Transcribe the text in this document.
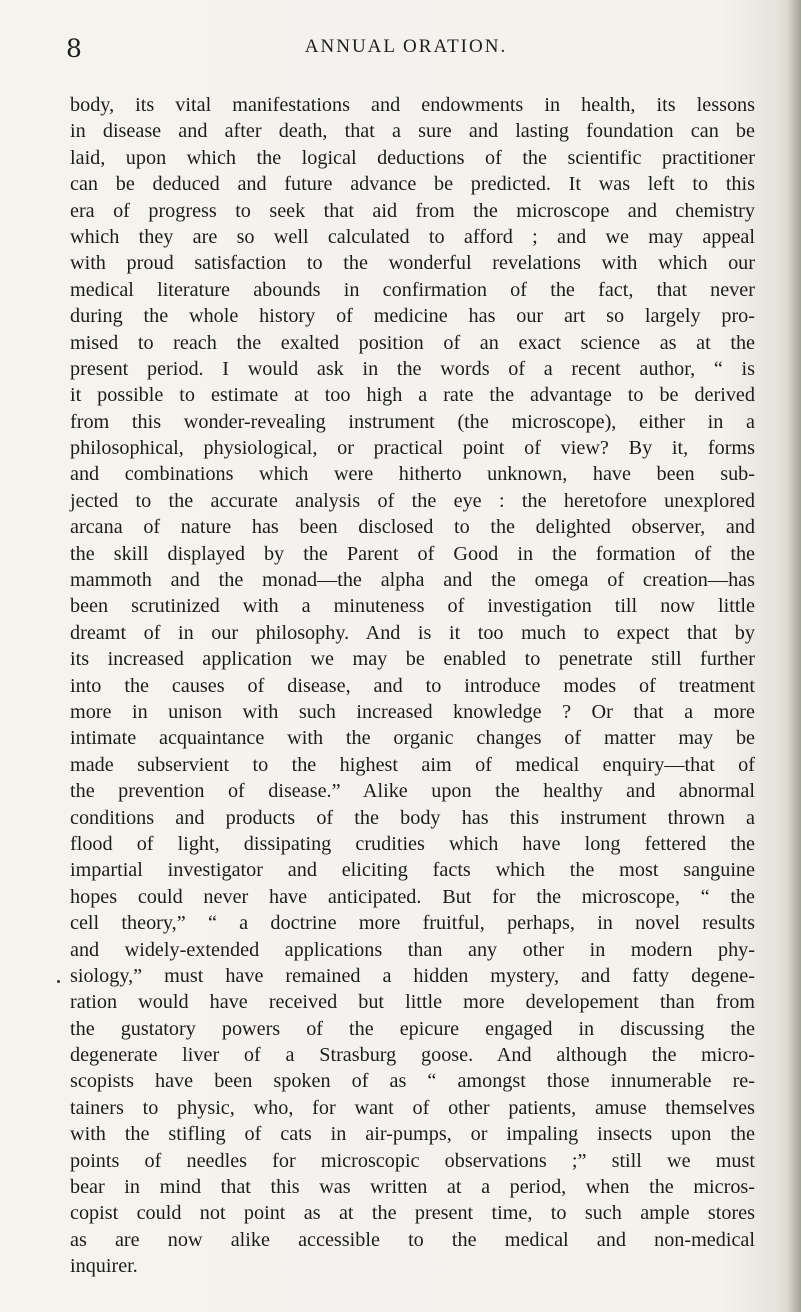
8	ANNUAL ORATION.
body, its vital manifestations and endowments in health, its lessons
in disease and after death, that a sure and lasting foundation can be
laid, upon which the logical deductions of the scientific practitioner
can be deduced and future advance be predicted. It was left to this
era of progress to seek that aid from the microscope and chemistry
which they are so well calculated to afford ; and we may appeal
with proud satisfaction to the wonderful revelations with which our
medical literature abounds in confirmation of the fact, that never
during the whole history of medicine has our art so largely pro-
mised to reach the exalted position of an exact science as at the
present period. I would ask in the words of a recent author, “ is
it possible to estimate at too high a rate the advantage to be derived
from this wonder-revealing instrument (the microscope), either in a
philosophical, physiological, or practical point of view? By it, forms
and combinations which were hitherto unknown, have been sub-
jected to the accurate analysis of the eye : the heretofore unexplored
arcana of nature has been disclosed to the delighted observer, and
the skill displayed by the Parent of Good in the formation of the
mammoth and the monad—the alpha and the omega of creation—has
been scrutinized with a minuteness of investigation till now little
dreamt of in our philosophy. And is it too much to expect that by
its increased application we may be enabled to penetrate still further
into the causes of disease, and to introduce modes of treatment
more in unison with such increased knowledge ? Or that a more
intimate acquaintance with the organic changes of matter may be
made subservient to the highest aim of medical enquiry—that of
the prevention of disease.” Alike upon the healthy and abnormal
conditions and products of the body has this instrument thrown a
flood of light, dissipating crudities which have long fettered the
impartial investigator and eliciting facts which the most sanguine
hopes could never have anticipated. But for the microscope, “ the
cell theory,” “ a doctrine more fruitful, perhaps, in novel results
and widely-extended applications than any other in modern phy-
siology,” must have remained a hidden mystery, and fatty degene-
ration would have received but little more developement than from
the gustatory powers of the epicure engaged in discussing the
degenerate liver of a Strasburg goose. And although the micro-
scopists have been spoken of as “ amongst those innumerable re-
tainers to physic, who, for want of other patients, amuse themselves
with the stifling of cats in air-pumps, or impaling insects upon the
points of needles for microscopic observations ;” still we must
bear in mind that this was written at a period, when the micros-
copist could not point as at the present time, to such ample stores
as are now alike accessible to the medical and non-medical
inquirer.
